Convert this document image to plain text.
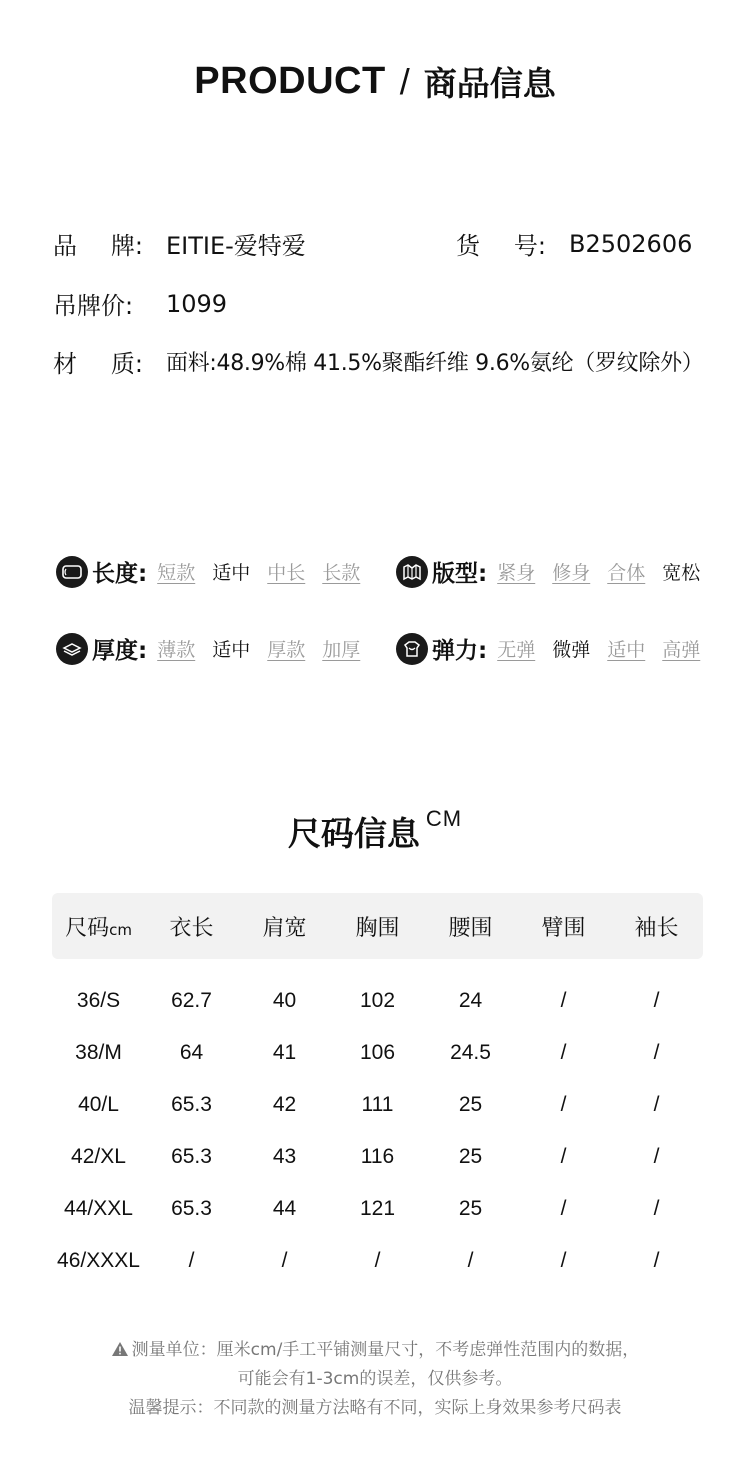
PRODUCT / 商品信息
品 牌: EITIE-爱特爱	货 号: B2502606
吊牌价:	1099
材 质: 面料:48.9%棉 41.5%聚酯纤维 9.6%氨纶（罗纹除外）
长度: 短款 适中 中长 长款	版型: 紧身 修身 合体 宽松
厚度: 薄款 适中 厚款 加厚	弹力: 无弹 微弹 适中 高弹
尺码信息 CM
尺码cm	衣长	肩宽	胸围	腰围	臂围	袖长
36/S	62.7	40	102	24	/	/
38/M	64	41	106	24.5	/	/
40/L	65.3	42	111	25	/	/
42/XL	65.3	43	116	25	/	/
44/XXL	65.3	44	121	25	/	/
46/XXXL	/	/	/	/	/	/
测量单位：厘米cm/手工平铺测量尺寸，不考虑弹性范围内的数据，
可能会有1-3cm的误差，仅供参考。
温馨提示：不同款的测量方法略有不同，实际上身效果参考尺码表
